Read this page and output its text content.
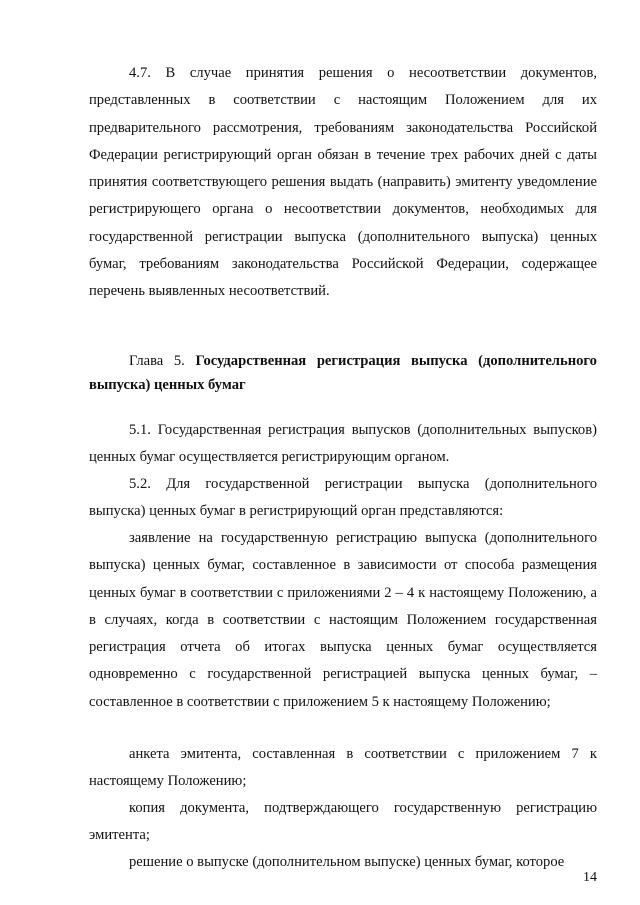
4.7. В случае принятия решения о несоответствии документов, представленных в соответствии с настоящим Положением для их предварительного рассмотрения, требованиям законодательства Российской Федерации регистрирующий орган обязан в течение трех рабочих дней с даты принятия соответствующего решения выдать (направить) эмитенту уведомление регистрирующего органа о несоответствии документов, необходимых для государственной регистрации выпуска (дополнительного выпуска) ценных бумаг, требованиям законодательства Российской Федерации, содержащее перечень выявленных несоответствий.

Глава 5. Государственная регистрация выпуска (дополнительного выпуска) ценных бумаг

5.1. Государственная регистрация выпусков (дополнительных выпусков) ценных бумаг осуществляется регистрирующим органом.

5.2. Для государственной регистрации выпуска (дополнительного выпуска) ценных бумаг в регистрирующий орган представляются:

заявление на государственную регистрацию выпуска (дополнительного выпуска) ценных бумаг, составленное в зависимости от способа размещения ценных бумаг в соответствии с приложениями 2 – 4 к настоящему Положению, а в случаях, когда в соответствии с настоящим Положением государственная регистрация отчета об итогах выпуска ценных бумаг осуществляется одновременно с государственной регистрацией выпуска ценных бумаг, – составленное в соответствии с приложением 5 к настоящему Положению;

анкета эмитента, составленная в соответствии с приложением 7 к настоящему Положению;

копия документа, подтверждающего государственную регистрацию эмитента;

решение о выпуске (дополнительном выпуске) ценных бумаг, которое

14
